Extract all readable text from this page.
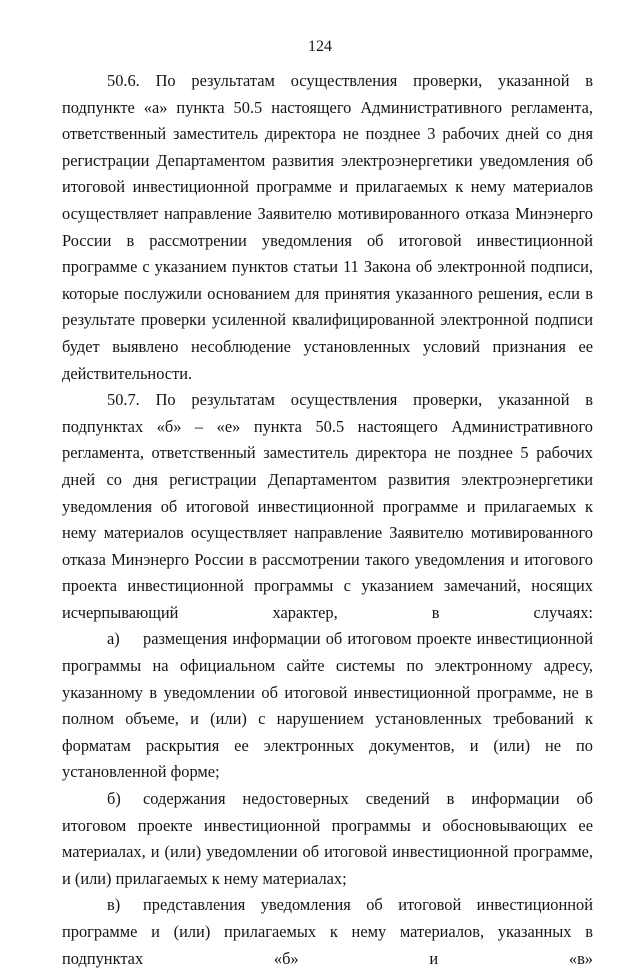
124

50.6. По результатам осуществления проверки, указанной в подпункте «а» пункта 50.5 настоящего Административного регламента, ответственный заместитель директора не позднее 3 рабочих дней со дня регистрации Департаментом развития электроэнергетики уведомления об итоговой инвестиционной программе и прилагаемых к нему материалов осуществляет направление Заявителю мотивированного отказа Минэнерго России в рассмотрении уведомления об итоговой инвестиционной программе с указанием пунктов статьи 11 Закона об электронной подписи, которые послужили основанием для принятия указанного решения, если в результате проверки усиленной квалифицированной электронной подписи будет выявлено несоблюдение установленных условий признания ее действительности.

50.7. По результатам осуществления проверки, указанной в подпунктах «б» – «е» пункта 50.5 настоящего Административного регламента, ответственный заместитель директора не позднее 5 рабочих дней со дня регистрации Департаментом развития электроэнергетики уведомления об итоговой инвестиционной программе и прилагаемых к нему материалов осуществляет направление Заявителю мотивированного отказа Минэнерго России в рассмотрении такого уведомления и итогового проекта инвестиционной программы с указанием замечаний, носящих исчерпывающий характер, в случаях:

а) размещения информации об итоговом проекте инвестиционной программы на официальном сайте системы по электронному адресу, указанному в уведомлении об итоговой инвестиционной программе, не в полном объеме, и (или) с нарушением установленных требований к форматам раскрытия ее электронных документов, и (или) не по установленной форме;

б) содержания недостоверных сведений в информации об итоговом проекте инвестиционной программы и обосновывающих ее материалах, и (или) уведомлении об итоговой инвестиционной программе, и (или) прилагаемых к нему материалах;

в) представления уведомления об итоговой инвестиционной программе и (или) прилагаемых к нему материалов, указанных в подпунктах «б» и «в»
